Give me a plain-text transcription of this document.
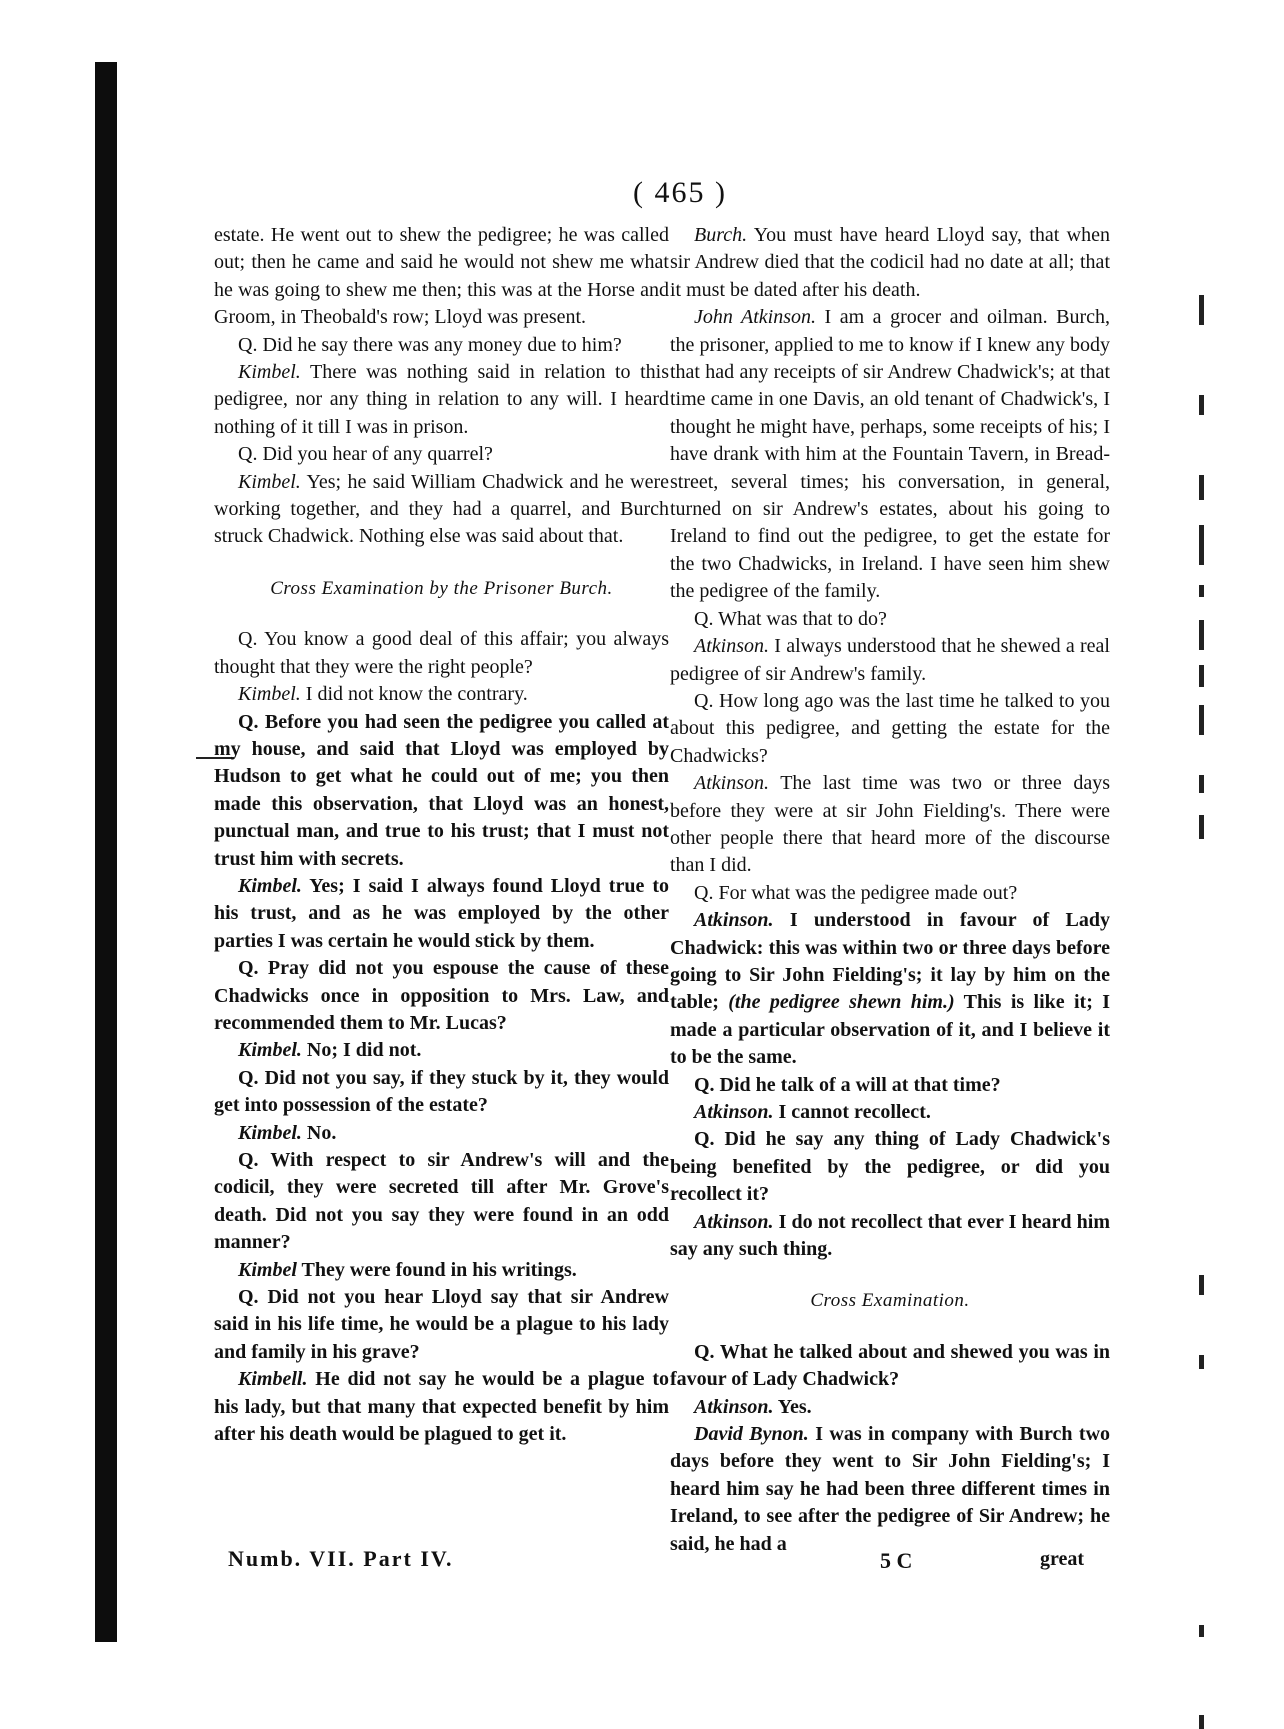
( 465 )

estate. He went out to shew the pedigree; he was called out; then he came and said he would not shew me what he was going to shew me then; this was at the Horse and Groom, in Theobald's row; Lloyd was present.

Q. Did he say there was any money due to him?

Kimbel. There was nothing said in relation to this pedigree, nor any thing in relation to any will. I heard nothing of it till I was in prison.

Q. Did you hear of any quarrel?

Kimbel. Yes; he said William Chadwick and he were working together, and they had a quarrel, and Burch struck Chadwick. Nothing else was said about that.

Cross Examination by the Prisoner Burch.

Q. You know a good deal of this affair; you always thought that they were the right people?

Kimbel. I did not know the contrary.

Q. Before you had seen the pedigree you called at my house, and said that Lloyd was employed by Hudson to get what he could out of me; you then made this observation, that Lloyd was an honest, punctual man, and true to his trust; that I must not trust him with secrets.

Kimbel. Yes; I said I always found Lloyd true to his trust, and as he was employed by the other parties I was certain he would stick by them.

Q. Pray did not you espouse the cause of these Chadwicks once in opposition to Mrs. Law, and recommended them to Mr. Lucas?

Kimbel. No; I did not.

Q. Did not you say, if they stuck by it, they would get into possession of the estate?

Kimbel. No.

Q. With respect to sir Andrew's will and the codicil, they were secreted till after Mr. Grove's death. Did not you say they were found in an odd manner?

Kimbel They were found in his writings.

Q. Did not you hear Lloyd say that sir Andrew said in his life time, he would be a plague to his lady and family in his grave?

Kimbell. He did not say he would be a plague to his lady, but that many that expected benefit by him after his death would be plagued to get it.

Burch. You must have heard Lloyd say, that when sir Andrew died that the codicil had no date at all; that it must be dated after his death.

John Atkinson. I am a grocer and oilman. Burch, the prisoner, applied to me to know if I knew any body that had any receipts of sir Andrew Chadwick's; at that time came in one Davis, an old tenant of Chadwick's, I thought he might have, perhaps, some receipts of his; I have drank with him at the Fountain Tavern, in Bread-street, several times; his conversation, in general, turned on sir Andrew's estates, about his going to Ireland to find out the pedigree, to get the estate for the two Chadwicks, in Ireland. I have seen him shew the pedigree of the family.

Q. What was that to do?

Atkinson. I always understood that he shewed a real pedigree of sir Andrew's family.

Q. How long ago was the last time he talked to you about this pedigree, and getting the estate for the Chadwicks?

Atkinson. The last time was two or three days before they were at sir John Fielding's. There were other people there that heard more of the discourse than I did.

Q. For what was the pedigree made out?

Atkinson. I understood in favour of Lady Chadwick: this was within two or three days before going to Sir John Fielding's; it lay by him on the table; (the pedigree shewn him.) This is like it; I made a particular observation of it, and I believe it to be the same.

Q. Did he talk of a will at that time?

Atkinson. I cannot recollect.

Q. Did he say any thing of Lady Chadwick's being benefited by the pedigree, or did you recollect it?

Atkinson. I do not recollect that ever I heard him say any such thing.

Cross Examination.

Q. What he talked about and shewed you was in favour of Lady Chadwick?

Atkinson. Yes.

David Bynon. I was in company with Burch two days before they went to Sir John Fielding's; I heard him say he had been three different times in Ireland, to see after the pedigree of Sir Andrew; he said, he had a

Numb. VII. Part IV.	5 C	great
